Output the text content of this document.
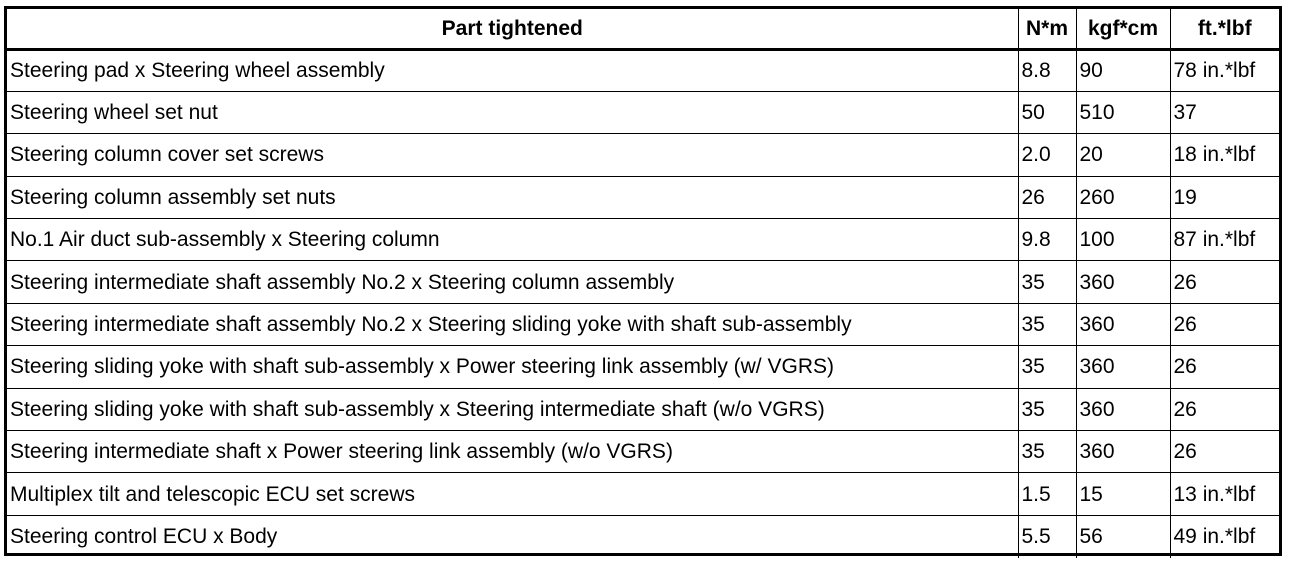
Part tightened	N*m	kgf*cm	ft.*lbf
Steering pad x Steering wheel assembly	8.8	90	78 in.*lbf
Steering wheel set nut	50	510	37
Steering column cover set screws	2.0	20	18 in.*lbf
Steering column assembly set nuts	26	260	19
No.1 Air duct sub-assembly x Steering column	9.8	100	87 in.*lbf
Steering intermediate shaft assembly No.2 x Steering column assembly	35	360	26
Steering intermediate shaft assembly No.2 x Steering sliding yoke with shaft sub-assembly	35	360	26
Steering sliding yoke with shaft sub-assembly x Power steering link assembly (w/ VGRS)	35	360	26
Steering sliding yoke with shaft sub-assembly x Steering intermediate shaft (w/o VGRS)	35	360	26
Steering intermediate shaft x Power steering link assembly (w/o VGRS)	35	360	26
Multiplex tilt and telescopic ECU set screws	1.5	15	13 in.*lbf
Steering control ECU x Body	5.5	56	49 in.*lbf
